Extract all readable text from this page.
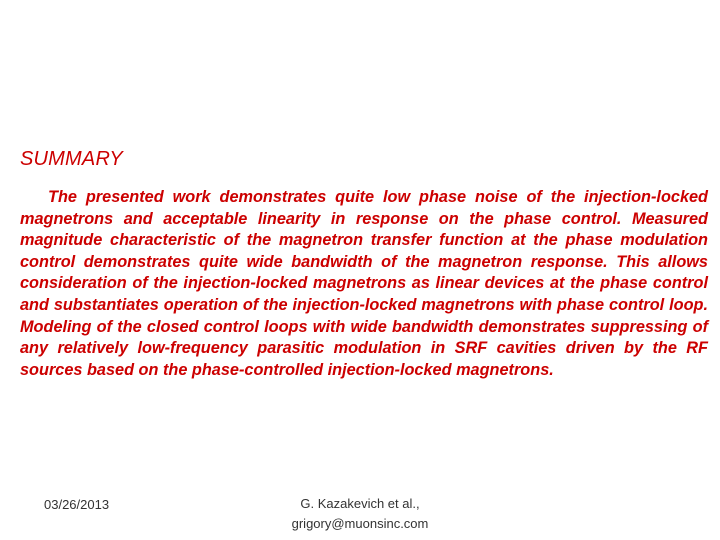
SUMMARY

The presented work demonstrates quite low phase noise of the injection-locked magnetrons and acceptable linearity in response on the phase control. Measured magnitude characteristic of the magnetron transfer function at the phase modulation control demonstrates quite wide bandwidth of the magnetron response. This allows consideration of the injection-locked magnetrons as linear devices at the phase control and substantiates operation of the injection-locked magnetrons with phase control loop. Modeling of the closed control loops with wide bandwidth demonstrates suppressing of any relatively low-frequency parasitic modulation in SRF cavities driven by the RF sources based on the phase-controlled injection-locked magnetrons.

03/26/2013	G. Kazakevich et al.,
grigory@muonsinc.com
